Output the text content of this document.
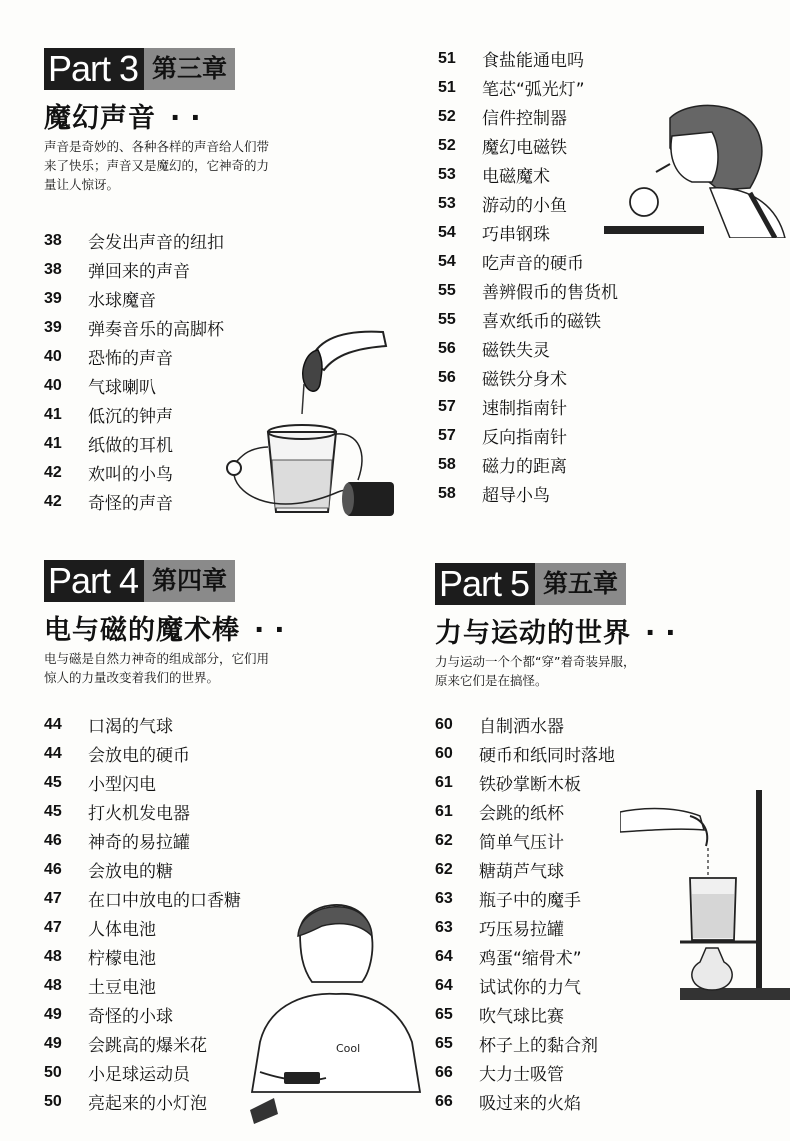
Part 3 第三章
魔幻声音 ··
声音是奇妙的、各种各样的声音给人们带
来了快乐；声音又是魔幻的，它神奇的力
量让人惊讶。
38	会发出声音的纽扣
38	弹回来的声音
39	水球魔音
39	弹奏音乐的高脚杯
40	恐怖的声音
40	气球喇叭
41	低沉的钟声
41	纸做的耳机
42	欢叫的小鸟
42	奇怪的声音
51	食盐能通电吗
51	笔芯“弧光灯”
52	信件控制器
52	魔幻电磁铁
53	电磁魔术
53	游动的小鱼
54	巧串钢珠
54	吃声音的硬币
55	善辨假币的售货机
55	喜欢纸币的磁铁
56	磁铁失灵
56	磁铁分身术
57	速制指南针
57	反向指南针
58	磁力的距离
58	超导小鸟
Part 4 第四章
电与磁的魔术棒 ··
电与磁是自然力神奇的组成部分，它们用
惊人的力量改变着我们的世界。
44	口渴的气球
44	会放电的硬币
45	小型闪电
45	打火机发电器
46	神奇的易拉罐
46	会放电的糖
47	在口中放电的口香糖
47	人体电池
48	柠檬电池
48	土豆电池
49	奇怪的小球
49	会跳高的爆米花
50	小足球运动员
50	亮起来的小灯泡
Part 5 第五章
力与运动的世界 ··
力与运动一个个都“穿”着奇装异服，
原来它们是在搞怪。
60	自制洒水器
60	硬币和纸同时落地
61	铁砂掌断木板
61	会跳的纸杯
62	简单气压计
62	糖葫芦气球
63	瓶子中的魔手
63	巧压易拉罐
64	鸡蛋“缩骨术”
64	试试你的力气
65	吹气球比赛
65	杯子上的黏合剂
66	大力士吸管
66	吸过来的火焰
Cool
